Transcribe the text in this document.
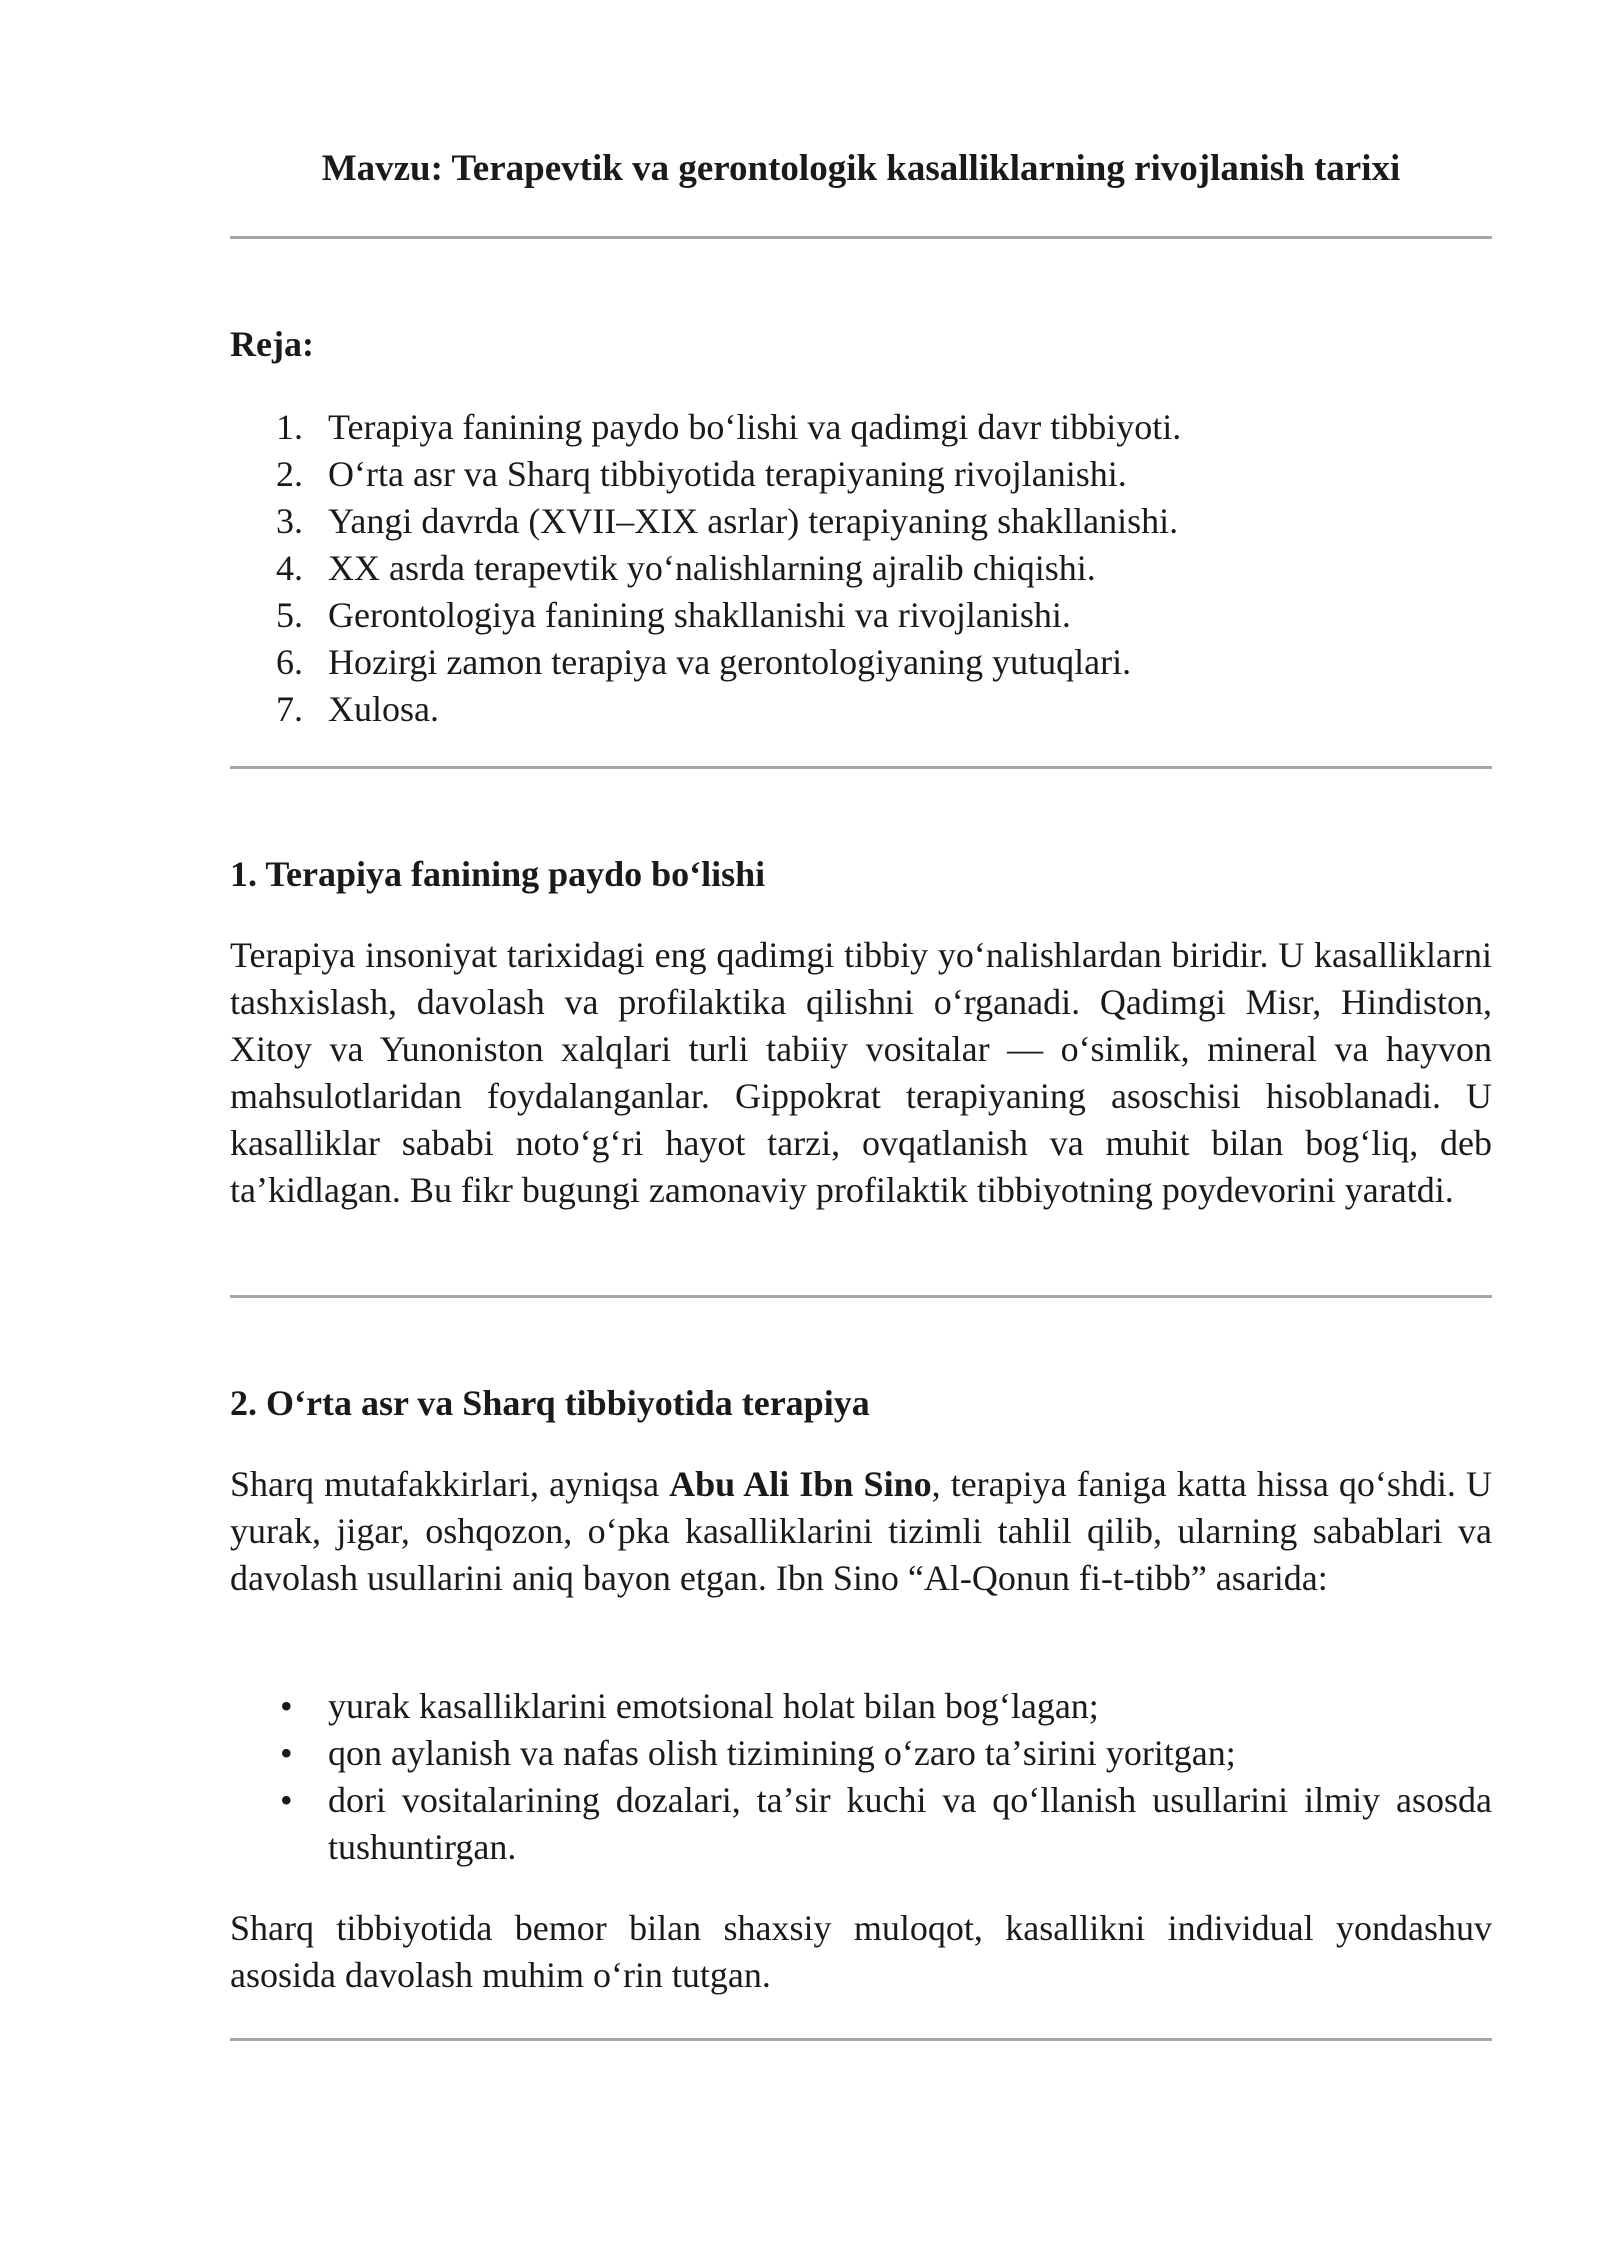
Mavzu: Terapevtik va gerontologik kasalliklarning rivojlanish tarixi
Reja:
1. Terapiya fanining paydo boʻlishi va qadimgi davr tibbiyoti.
2. Oʻrta asr va Sharq tibbiyotida terapiyaning rivojlanishi.
3. Yangi davrda (XVII–XIX asrlar) terapiyaning shakllanishi.
4. XX asrda terapevtik yoʻnalishlarning ajralib chiqishi.
5. Gerontologiya fanining shakllanishi va rivojlanishi.
6. Hozirgi zamon terapiya va gerontologiyaning yutuqlari.
7. Xulosa.
1. Terapiya fanining paydo boʻlishi

Terapiya insoniyat tarixidagi eng qadimgi tibbiy yoʻnalishlardan biridir. U kasalliklarni tashxislash, davolash va profilaktika qilishni oʻrganadi. Qadimgi Misr, Hindiston, Xitoy va Yunoniston xalqlari turli tabiiy vositalar — oʻsimlik, mineral va hayvon mahsulotlaridan foydalanganlar. Gippokrat terapiyaning asoschisi hisoblanadi. U kasalliklar sababi notoʻgʻri hayot tarzi, ovqatlanish va muhit bilan bogʻliq, deb taʼkidlagan. Bu fikr bugungi zamonaviy profilaktik tibbiyotning poydevorini yaratdi.

2. Oʻrta asr va Sharq tibbiyotida terapiya

Sharq mutafakkirlari, ayniqsa Abu Ali Ibn Sino, terapiya faniga katta hissa qoʻshdi. U yurak, jigar, oshqozon, oʻpka kasalliklarini tizimli tahlil qilib, ularning sabablari va davolash usullarini aniq bayon etgan. Ibn Sino “Al-Qonun fi-t-tibb” asarida:

• yurak kasalliklarini emotsional holat bilan bogʻlagan;
• qon aylanish va nafas olish tizimining oʻzaro taʼsirini yoritgan;
• dori vositalarining dozalari, taʼsir kuchi va qoʻllanish usullarini ilmiy asosda tushuntirgan.

Sharq tibbiyotida bemor bilan shaxsiy muloqot, kasallikni individual yondashuv asosida davolash muhim oʻrin tutgan.
